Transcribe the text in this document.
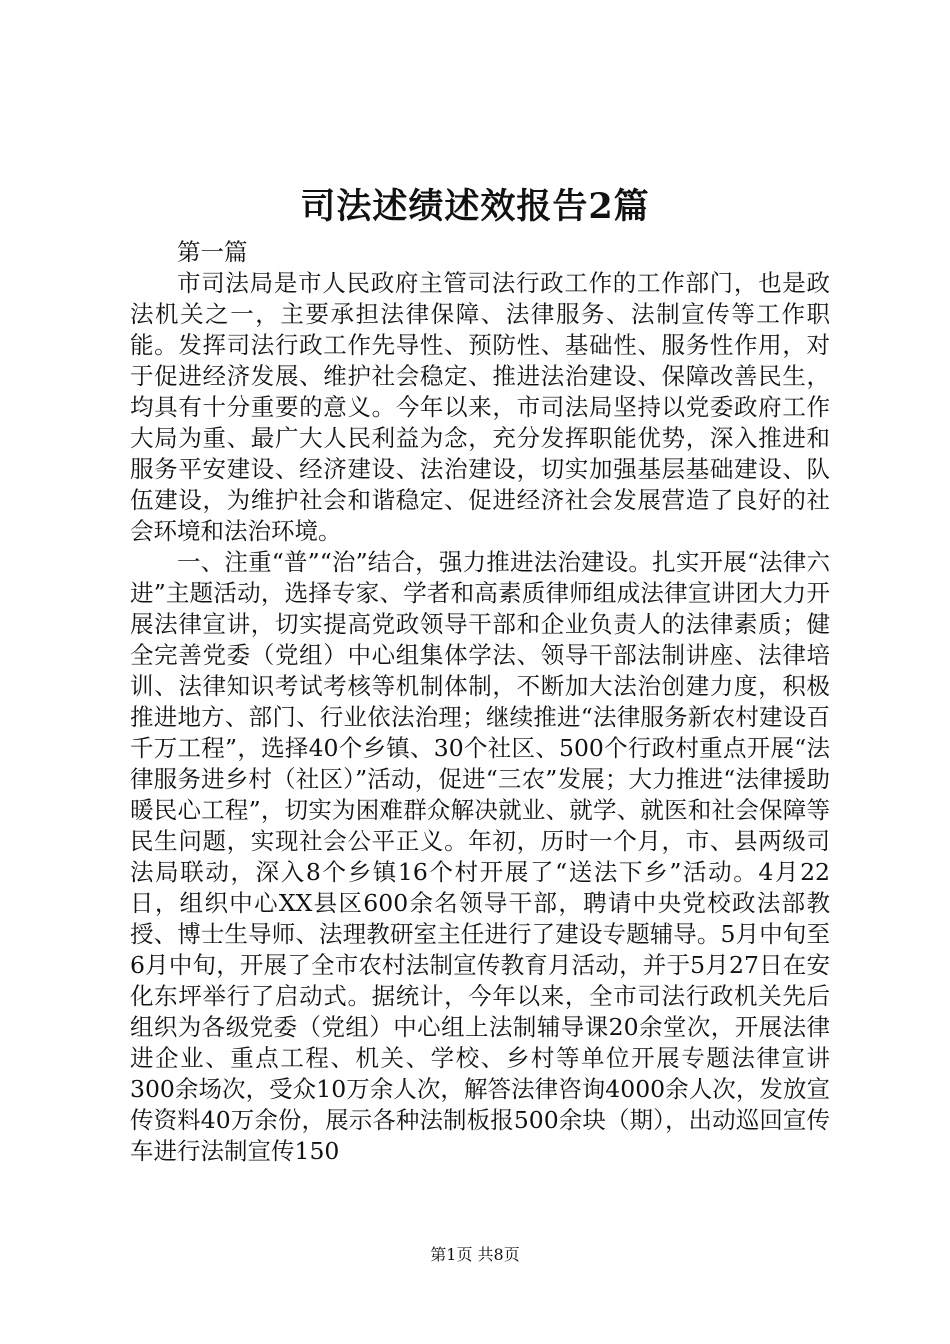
司法述绩述效报告2篇

第一篇

市司法局是市人民政府主管司法行政工作的工作部门，也是政法机关之一，主要承担法律保障、法律服务、法制宣传等工作职能。发挥司法行政工作先导性、预防性、基础性、服务性作用，对于促进经济发展、维护社会稳定、推进法治建设、保障改善民生，均具有十分重要的意义。今年以来，市司法局坚持以党委政府工作大局为重、最广大人民利益为念，充分发挥职能优势，深入推进和服务平安建设、经济建设、法治建设，切实加强基层基础建设、队伍建设，为维护社会和谐稳定、促进经济社会发展营造了良好的社会环境和法治环境。

一、注重“普”“治”结合，强力推进法治建设。扎实开展“法律六进”主题活动，选择专家、学者和高素质律师组成法律宣讲团大力开展法律宣讲，切实提高党政领导干部和企业负责人的法律素质；健全完善党委（党组）中心组集体学法、领导干部法制讲座、法律培训、法律知识考试考核等机制体制，不断加大法治创建力度，积极推进地方、部门、行业依法治理；继续推进“法律服务新农村建设百千万工程”，选择40个乡镇、30个社区、500个行政村重点开展“法律服务进乡村（社区）”活动，促进“三农”发展；大力推进“法律援助暖民心工程”，切实为困难群众解决就业、就学、就医和社会保障等民生问题，实现社会公平正义。年初，历时一个月，市、县两级司法局联动，深入8个乡镇16个村开展了“送法下乡”活动。4月22日，组织中心XX县区600余名领导干部，聘请中央党校政法部教授、博士生导师、法理教研室主任进行了建设专题辅导。5月中旬至6月中旬，开展了全市农村法制宣传教育月活动，并于5月27日在安化东坪举行了启动式。据统计，今年以来，全市司法行政机关先后组织为各级党委（党组）中心组上法制辅导课20余堂次，开展法律进企业、重点工程、机关、学校、乡村等单位开展专题法律宣讲300余场次，受众10万余人次，解答法律咨询4000余人次，发放宣传资料40万余份，展示各种法制板报500余块（期），出动巡回宣传车进行法制宣传150

第1页 共8页
